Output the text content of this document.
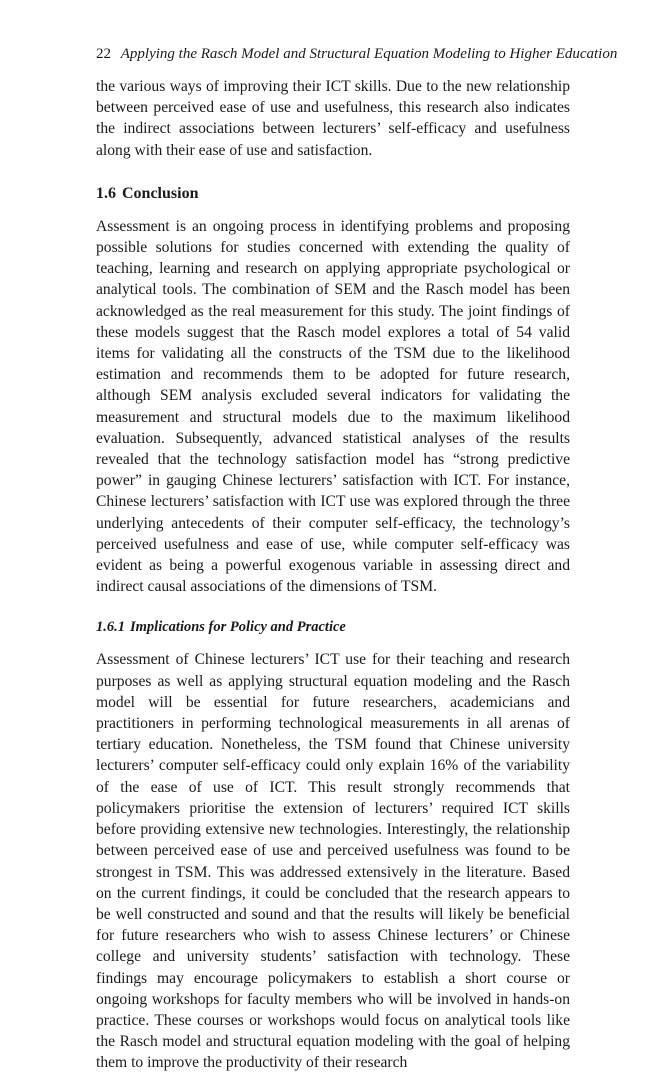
22 Applying the Rasch Model and Structural Equation Modeling to Higher Education

the various ways of improving their ICT skills. Due to the new relationship between perceived ease of use and usefulness, this research also indicates the indirect associations between lecturers’ self-efficacy and usefulness along with their ease of use and satisfaction.

1.6 Conclusion

Assessment is an ongoing process in identifying problems and proposing possible solutions for studies concerned with extending the quality of teaching, learning and research on applying appropriate psychological or analytical tools. The combination of SEM and the Rasch model has been acknowledged as the real measurement for this study. The joint findings of these models suggest that the Rasch model explores a total of 54 valid items for validating all the constructs of the TSM due to the likelihood estimation and recommends them to be adopted for future research, although SEM analysis excluded several indicators for validating the measurement and structural models due to the maximum likelihood evaluation. Subsequently, advanced statistical analyses of the results revealed that the technology satisfaction model has “strong predictive power” in gauging Chinese lecturers’ satisfaction with ICT. For instance, Chinese lecturers’ satisfaction with ICT use was explored through the three underlying antecedents of their computer self-efficacy, the technology’s perceived usefulness and ease of use, while computer self-efficacy was evident as being a powerful exogenous variable in assessing direct and indirect causal associations of the dimensions of TSM.

1.6.1 Implications for Policy and Practice

Assessment of Chinese lecturers’ ICT use for their teaching and research purposes as well as applying structural equation modeling and the Rasch model will be essential for future researchers, academicians and practitioners in performing technological measurements in all arenas of tertiary education. Nonetheless, the TSM found that Chinese university lecturers’ computer self-efficacy could only explain 16% of the variability of the ease of use of ICT. This result strongly recommends that policymakers prioritise the extension of lecturers’ required ICT skills before providing extensive new technologies. Interestingly, the relationship between perceived ease of use and perceived usefulness was found to be strongest in TSM. This was addressed extensively in the literature. Based on the current findings, it could be concluded that the research appears to be well constructed and sound and that the results will likely be beneficial for future researchers who wish to assess Chinese lecturers’ or Chinese college and university students’ satisfaction with technology. These findings may encourage policymakers to establish a short course or ongoing workshops for faculty members who will be involved in hands-on practice. These courses or workshops would focus on analytical tools like the Rasch model and structural equation modeling with the goal of helping them to improve the productivity of their research
